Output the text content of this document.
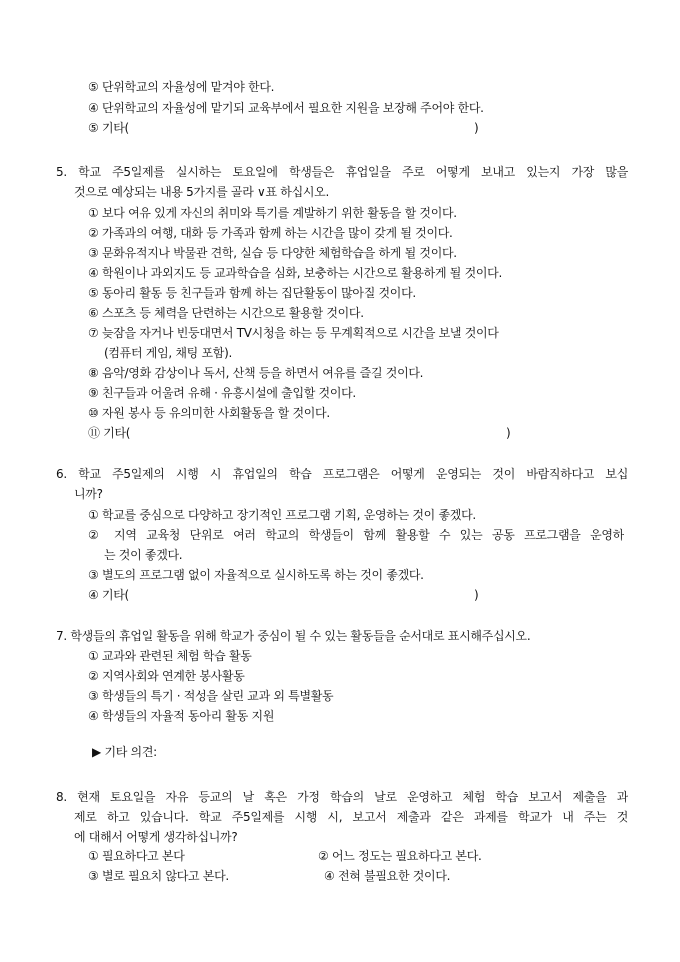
⑤ 단위학교의 자율성에 맡겨야 한다.
④ 단위학교의 자율성에 맡기되 교육부에서 필요한 지원을 보장해 주어야 한다.
⑤ 기타(	)
5. 학교 주5일제를 실시하는 토요일에 학생들은 휴업일을 주로 어떻게 보내고 있는지 가장 많을
것으로 예상되는 내용 5가지를 골라 ∨표 하십시오.
① 보다 여유 있게 자신의 취미와 특기를 계발하기 위한 활동을 할 것이다.
② 가족과의 여행, 대화 등 가족과 함께 하는 시간을 많이 갖게 될 것이다.
③ 문화유적지나 박물관 견학, 실습 등 다양한 체험학습을 하게 될 것이다.
④ 학원이나 과외지도 등 교과학습을 심화, 보충하는 시간으로 활용하게 될 것이다.
⑤ 동아리 활동 등 친구들과 함께 하는 집단활동이 많아질 것이다.
⑥ 스포츠 등 체력을 단련하는 시간으로 활용할 것이다.
⑦ 늦잠을 자거나 빈둥대면서 TV시청을 하는 등 무계획적으로 시간을 보낼 것이다
(컴퓨터 게임, 채팅 포함).
⑧ 음악/영화 감상이나 독서, 산책 등을 하면서 여유를 즐길 것이다.
⑨ 친구들과 어울려 유해 · 유흥시설에 출입할 것이다.
⑩ 자원 봉사 등 유의미한 사회활동을 할 것이다.
⑪ 기타(	)
6. 학교 주5일제의 시행 시 휴업일의 학습 프로그램은 어떻게 운영되는 것이 바람직하다고 보십
니까?
① 학교를 중심으로 다양하고 장기적인 프로그램 기획, 운영하는 것이 좋겠다.
② 지역 교육청 단위로 여러 학교의 학생들이 함께 활용할 수 있는 공동 프로그램을 운영하
는 것이 좋겠다.
③ 별도의 프로그램 없이 자율적으로 실시하도록 하는 것이 좋겠다.
④ 기타(	)
7. 학생들의 휴업일 활동을 위해 학교가 중심이 될 수 있는 활동들을 순서대로 표시해주십시오.
① 교과와 관련된 체험 학습 활동
② 지역사회와 연계한 봉사활동
③ 학생들의 특기 · 적성을 살린 교과 외 특별활동
④ 학생들의 자율적 동아리 활동 지원
▶ 기타 의견:
8. 현재 토요일을 자유 등교의 날 혹은 가정 학습의 날로 운영하고 체험 학습 보고서 제출을 과
제로 하고 있습니다. 학교 주5일제를 시행 시, 보고서 제출과 같은 과제를 학교가 내 주는 것
에 대해서 어떻게 생각하십니까?
① 필요하다고 본다	② 어느 정도는 필요하다고 본다.
③ 별로 필요치 않다고 본다.	④ 전혀 불필요한 것이다.
